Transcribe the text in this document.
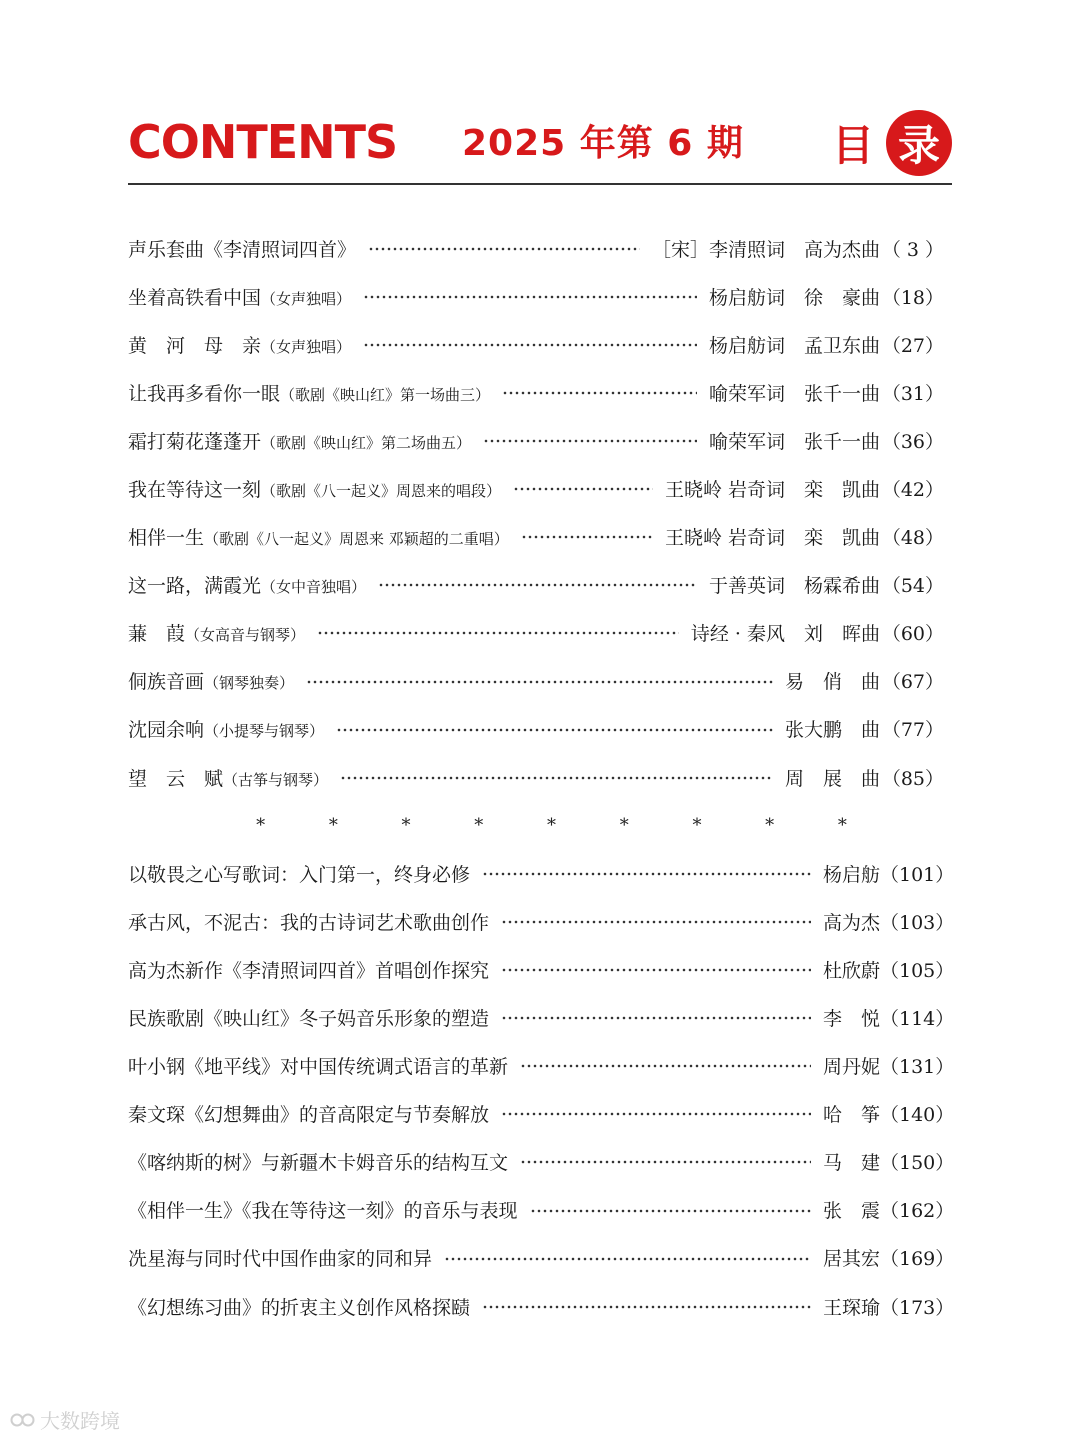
CONTENTS 2025 年第 6 期 目 录
声乐套曲《李清照词四首》	［宋］李清照词　高为杰曲 （ 3 ）
坐着高铁看中国（女声独唱）	杨启舫词　徐　豪曲 （18）
黄　河　母　亲（女声独唱）	杨启舫词　孟卫东曲 （27）
让我再多看你一眼（歌剧《映山红》第一场曲三）	喻荣军词　张千一曲 （31）
霜打菊花蓬蓬开（歌剧《映山红》第二场曲五）	喻荣军词　张千一曲 （36）
我在等待这一刻（歌剧《八一起义》周恩来的唱段）	王晓岭 岩奇词　栾　凯曲 （42）
相伴一生（歌剧《八一起义》周恩来 邓颖超的二重唱）	王晓岭 岩奇词　栾　凯曲 （48）
这一路，满霞光（女中音独唱）	于善英词　杨霖希曲 （54）
蒹　葭（女高音与钢琴）	诗经 · 秦风　刘　晖曲 （60）
侗族音画（钢琴独奏）	易　俏　曲 （67）
沈园余响（小提琴与钢琴）	张大鹏　曲 （77）
望　云　赋（古筝与钢琴）	周　展　曲 （85）
* * * * * * * * *
以敬畏之心写歌词：入门第一，终身必修	杨启舫 （101）
承古风，不泥古：我的古诗词艺术歌曲创作	高为杰 （103）
高为杰新作《李清照词四首》首唱创作探究	杜欣蔚 （105）
民族歌剧《映山红》冬子妈音乐形象的塑造	李　悦 （114）
叶小钢《地平线》对中国传统调式语言的革新	周丹妮 （131）
秦文琛《幻想舞曲》的音高限定与节奏解放	哈　筝 （140）
《喀纳斯的树》与新疆木卡姆音乐的结构互文	马　建 （150）
《相伴一生》《我在等待这一刻》的音乐与表现	张　震 （162）
冼星海与同时代中国作曲家的同和异	居其宏 （169）
《幻想练习曲》的折衷主义创作风格探赜	王琛瑜 （173）
大数跨境
